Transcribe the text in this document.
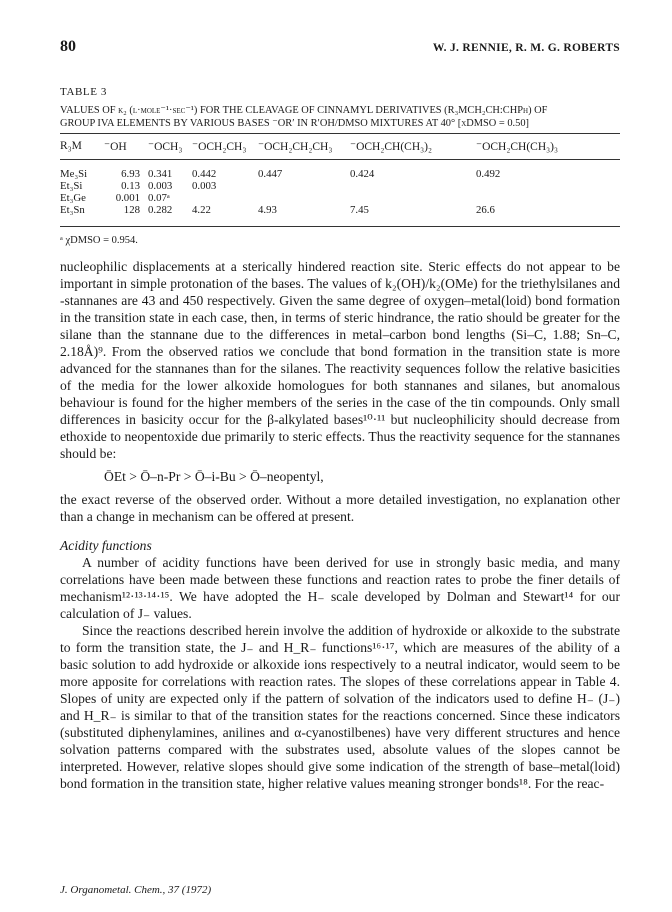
80	W. J. RENNIE, R. M. G. ROBERTS
TABLE 3
VALUES OF k₂ (l·mole⁻¹·sec⁻¹) FOR THE CLEAVAGE OF CINNAMYL DERIVATIVES (R₃MCH₂CH:CHPh) OF
GROUP IVA ELEMENTS BY VARIOUS BASES ⁻OR′ IN R′OH/DMSO MIXTURES AT 40° [χDMSO = 0.50]
R₃M	⁻OH	⁻OCH₃	⁻OCH₂CH₃	⁻OCH₂CH₂CH₃	⁻OCH₂CH(CH₃)₂	⁻OCH₂CH(CH₃)₃

Me₃Si	6.93	0.341	0.442	0.447	0.424	0.492
Et₃Si	0.13	0.003	0.003			
Et₃Ge	0.001	0.07ᵃ				
Et₃Sn	128	0.282	4.22	4.93	7.45	26.6
ᵃ χDMSO = 0.954.

nucleophilic displacements at a sterically hindered reaction site. Steric effects do not appear to be important in simple protonation of the bases. The values of k₂(OH)/k₂(OMe) for the triethylsilanes and -stannanes are 43 and 450 respectively. Given the same degree of oxygen–metal(loid) bond formation in the transition state in each case, then, in terms of steric hindrance, the ratio should be greater for the silane than the stannane due to the differences in metal–carbon bond lengths (Si–C, 1.88; Sn–C, 2.18Å)⁹. From the observed ratios we conclude that bond formation in the transition state is more advanced for the stannanes than for the silanes. The reactivity sequences follow the relative basicities of the media for the lower alkoxide homologues for both stannanes and silanes, but anomalous behaviour is found for the higher members of the series in the case of the tin compounds. Only small differences in basicity occur for the β-alkylated bases¹⁰·¹¹ but nucleophilicity should decrease from ethoxide to neopentoxide due primarily to steric effects. Thus the reactivity sequence for the stannanes should be:

ŌEt > Ō–n-Pr > Ō–i-Bu > Ō–neopentyl,

the exact reverse of the observed order. Without a more detailed investigation, no explanation other than a change in mechanism can be offered at present.

Acidity functions

A number of acidity functions have been derived for use in strongly basic media, and many correlations have been made between these functions and reaction rates to probe the finer details of mechanism¹²·¹³·¹⁴·¹⁵. We have adopted the H₋ scale developed by Dolman and Stewart¹⁴ for our calculation of J₋ values.

Since the reactions described herein involve the addition of hydroxide or alkoxide to the substrate to form the transition state, the J₋ and H_R₋ functions¹⁶·¹⁷, which are measures of the ability of a basic solution to add hydroxide or alkoxide ions respectively to a neutral indicator, would seem to be more apposite for correlations with reaction rates. The slopes of these correlations appear in Table 4. Slopes of unity are expected only if the pattern of solvation of the indicators used to define H₋ (J₋) and H_R₋ is similar to that of the transition states for the reactions concerned. Since these indicators (substituted diphenylamines, anilines and α-cyanostilbenes) have very different structures and hence solvation patterns compared with the substrates used, absolute values of the slopes cannot be interpreted. However, relative slopes should give some indication of the strength of base–metal(loid) bond formation in the transition state, higher relative values meaning stronger bonds¹⁸. For the reac-

J. Organometal. Chem., 37 (1972)
